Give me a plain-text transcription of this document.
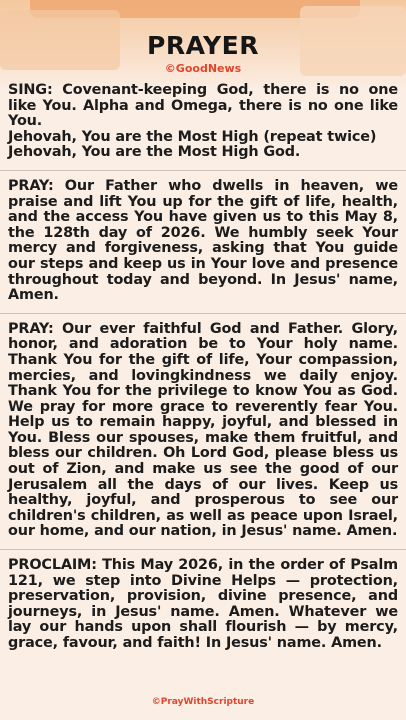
PRAYER
©GoodNews

SING: Covenant-keeping God, there is no one like You. Alpha and Omega, there is no one like You.

Jehovah, You are the Most High (repeat twice)

Jehovah, You are the Most High God.

PRAY: Our Father who dwells in heaven, we praise and lift You up for the gift of life, health, and the access You have given us to this May 8, the 128th day of 2026. We humbly seek Your mercy and forgiveness, asking that You guide our steps and keep us in Your love and presence throughout today and beyond. In Jesus' name, Amen.

PRAY: Our ever faithful God and Father. Glory, honor, and adoration be to Your holy name. Thank You for the gift of life, Your compassion, mercies, and lovingkindness we daily enjoy. Thank You for the privilege to know You as God. We pray for more grace to reverently fear You. Help us to remain happy, joyful, and blessed in You. Bless our spouses, make them fruitful, and bless our children. Oh Lord God, please bless us out of Zion, and make us see the good of our Jerusalem all the days of our lives. Keep us healthy, joyful, and prosperous to see our children's children, as well as peace upon Israel, our home, and our nation, in Jesus' name. Amen.

PROCLAIM: This May 2026, in the order of Psalm 121, we step into Divine Helps — protection, preservation, provision, divine presence, and journeys, in Jesus' name. Amen. Whatever we lay our hands upon shall flourish — by mercy, grace, favour, and faith! In Jesus' name. Amen.

©PrayWithScripture
